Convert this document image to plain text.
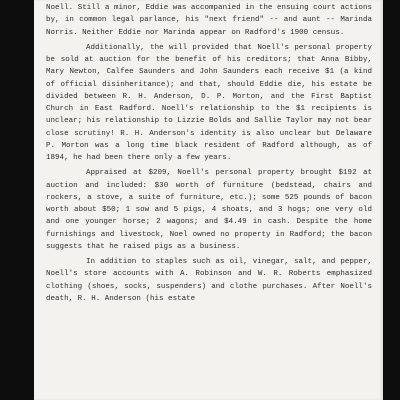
Noell. Still a minor, Eddie was accompanied in the ensuing court actions by, in common legal parlance, his "next friend" -- and aunt -- Marinda Norris. Neither Eddie nor Marinda appear on Radford's 1900 census.

Additionally, the will provided that Noell's personal property be sold at auction for the benefit of his creditors; that Anna Bibby, Mary Newton, Calfee Saunders and John Saunders each receive $1 (a kind of official disinheritance); and that, should Eddie die, his estate be divided between R. H. Anderson, D. P. Morton, and the First Baptist Church in East Radford. Noell's relationship to the $1 recipients is unclear; his relationship to Lizzie Bolds and Sallie Taylor may not bear close scrutiny! R. H. Anderson's identity is also unclear but Delaware P. Morton was a long time black resident of Radford although, as of 1894, he had been there only a few years.

Appraised at $209, Noell's personal property brought $192 at auction and included: $30 worth of furniture (bedstead, chairs and rockers, a stove, a suite of furniture, etc.); some 525 pounds of bacon worth about $50; 1 sow and 5 pigs, 4 shoats, and 3 hogs; one very old and one younger horse; 2 wagons; and $4.49 in cash. Despite the home furnishings and livestock, Noel owned no property in Radford; the bacon suggests that he raised pigs as a business.

In addition to staples such as oil, vinegar, salt, and pepper, Noell's store accounts with A. Robinson and W. R. Roberts emphasized clothing (shoes, socks, suspenders) and clothe purchases. After Noell's death, R. H. Anderson (his estate
